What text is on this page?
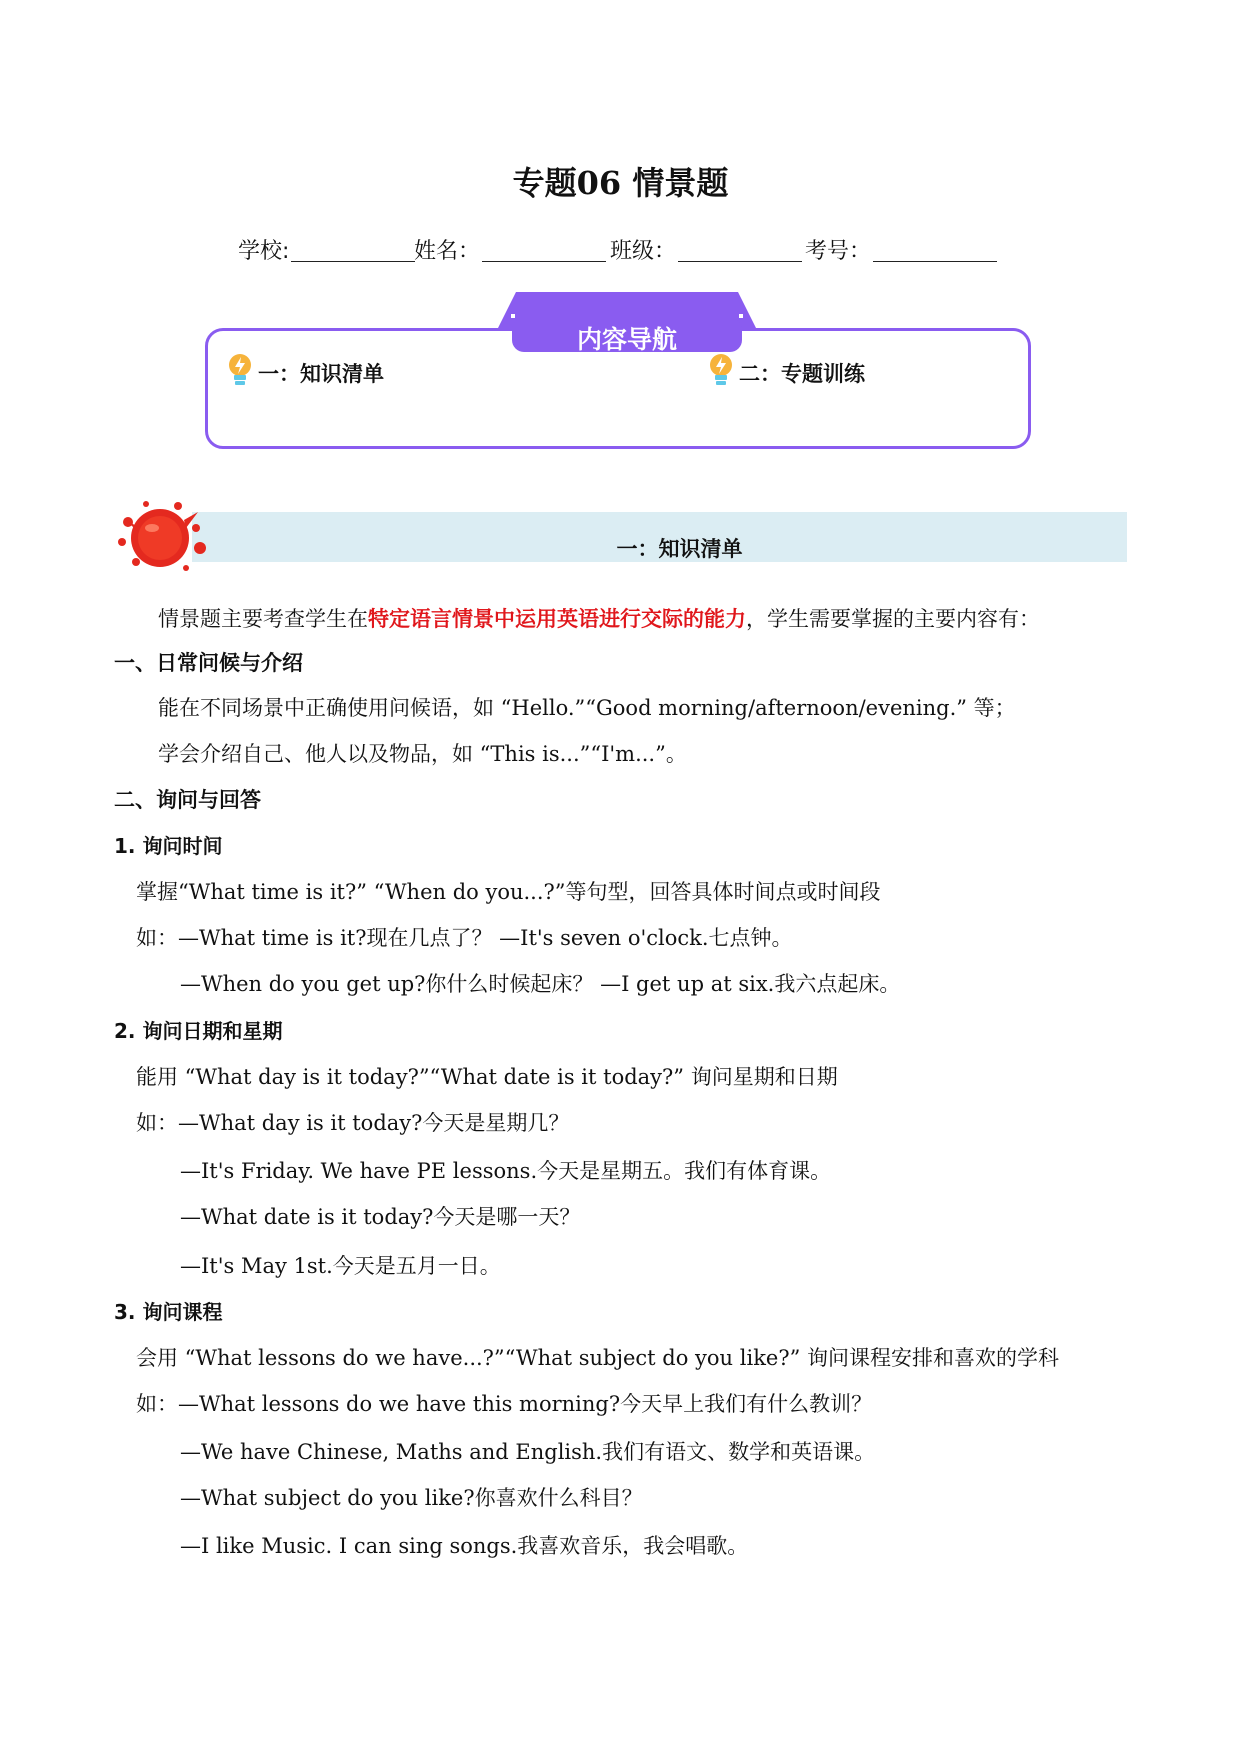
专题06 情景题
学校:	姓名：	班级：	考号：
内容导航
一：知识清单	二：专题训练
一：知识清单
情景题主要考查学生在特定语言情景中运用英语进行交际的能力，学生需要掌握的主要内容有：
一、日常问候与介绍
能在不同场景中正确使用问候语，如 “Hello.”“Good morning/afternoon/evening.” 等；
学会介绍自己、他人以及物品，如 “This is...”“I'm...”。
二、询问与回答
1. 询问时间
掌握“What time is it?” “When do you...?”等句型，回答具体时间点或时间段
如：—What time is it?现在几点了？ —It's seven o'clock.七点钟。
—When do you get up?你什么时候起床？ —I get up at six.我六点起床。
2. 询问日期和星期
能用 “What day is it today?”“What date is it today?” 询问星期和日期
如：—What day is it today?今天是星期几？
—It's Friday. We have PE lessons.今天是星期五。我们有体育课。
—What date is it today?今天是哪一天？
—It's May 1st.今天是五月一日。
3. 询问课程
会用 “What lessons do we have...?”“What subject do you like?” 询问课程安排和喜欢的学科
如：—What lessons do we have this morning?今天早上我们有什么教训？
—We have Chinese, Maths and English.我们有语文、数学和英语课。
—What subject do you like?你喜欢什么科目？
—I like Music. I can sing songs.我喜欢音乐，我会唱歌。
